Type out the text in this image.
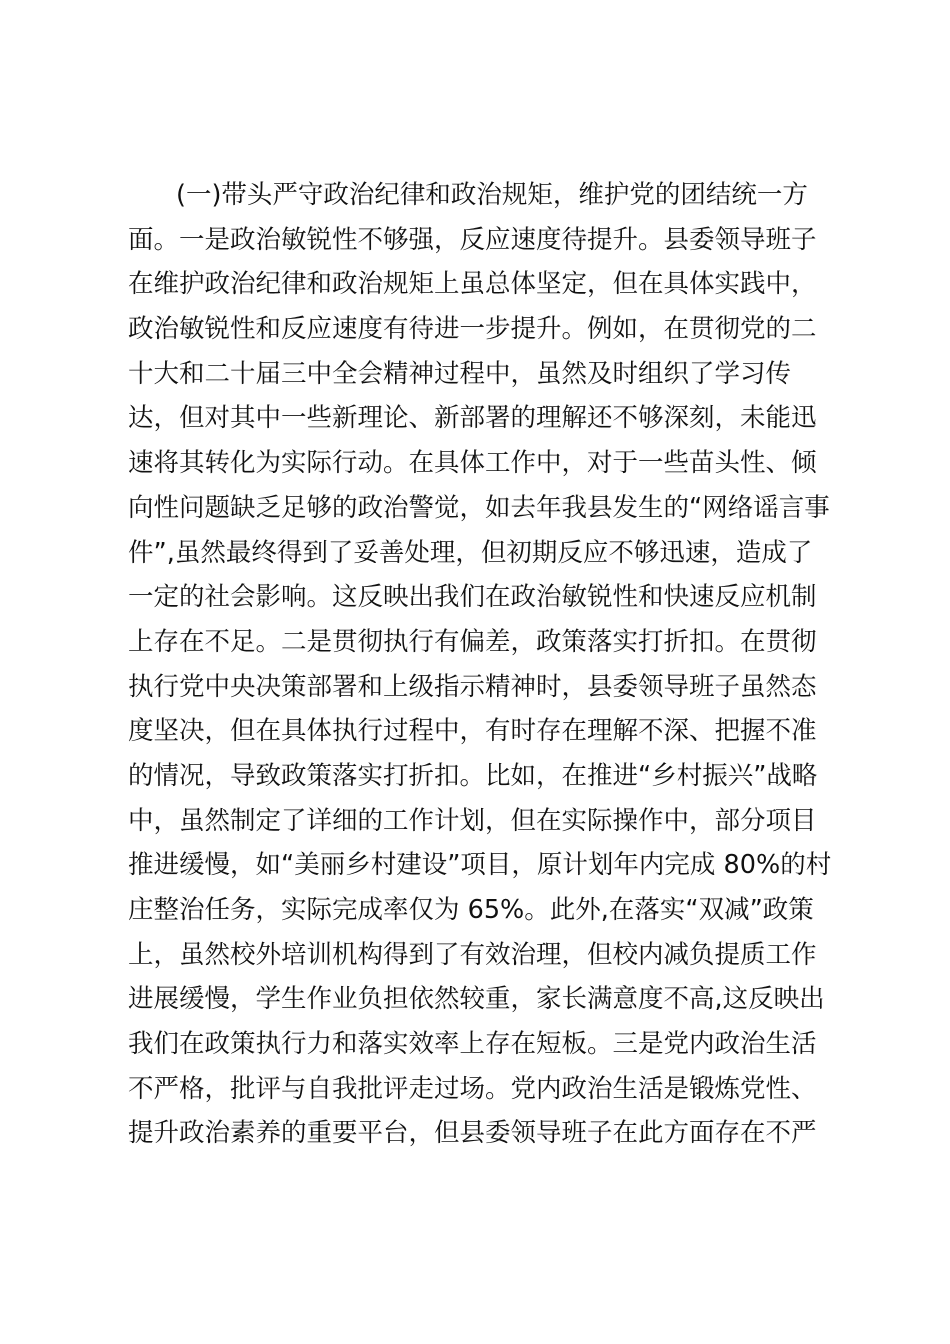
(一)带头严守政治纪律和政治规矩，维护党的团结统一方
面。一是政治敏锐性不够强，反应速度待提升。县委领导班子
在维护政治纪律和政治规矩上虽总体坚定，但在具体实践中，
政治敏锐性和反应速度有待进一步提升。例如，在贯彻党的二
十大和二十届三中全会精神过程中，虽然及时组织了学习传
达，但对其中一些新理论、新部署的理解还不够深刻，未能迅
速将其转化为实际行动。在具体工作中，对于一些苗头性、倾
向性问题缺乏足够的政治警觉，如去年我县发生的“网络谣言事
件”,虽然最终得到了妥善处理，但初期反应不够迅速，造成了
一定的社会影响。这反映出我们在政治敏锐性和快速反应机制
上存在不足。二是贯彻执行有偏差，政策落实打折扣。在贯彻
执行党中央决策部署和上级指示精神时，县委领导班子虽然态
度坚决，但在具体执行过程中，有时存在理解不深、把握不准
的情况，导致政策落实打折扣。比如，在推进“乡村振兴”战略
中，虽然制定了详细的工作计划，但在实际操作中，部分项目
推进缓慢，如“美丽乡村建设”项目，原计划年内完成 80%的村
庄整治任务，实际完成率仅为 65%。此外,在落实“双减”政策
上，虽然校外培训机构得到了有效治理，但校内减负提质工作
进展缓慢，学生作业负担依然较重，家长满意度不高,这反映出
我们在政策执行力和落实效率上存在短板。三是党内政治生活
不严格，批评与自我批评走过场。党内政治生活是锻炼党性、
提升政治素养的重要平台，但县委领导班子在此方面存在不严
